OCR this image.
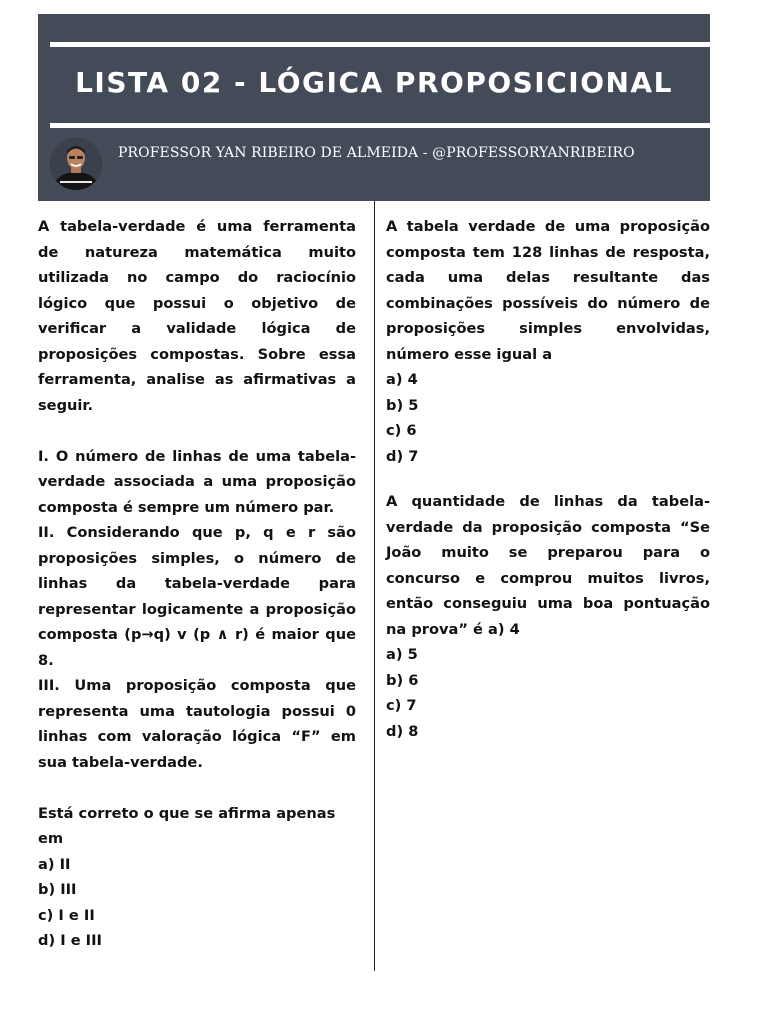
LISTA 02 - LÓGICA PROPOSICIONAL
PROFESSOR YAN RIBEIRO DE ALMEIDA - @PROFESSORYANRIBEIRO

A tabela-verdade é uma ferramenta de natureza matemática muito utilizada no campo do raciocínio lógico que possui o objetivo de verificar a validade lógica de proposições compostas. Sobre essa ferramenta, analise as afirmativas a seguir.

I. O número de linhas de uma tabela-verdade associada a uma proposição composta é sempre um número par.

II. Considerando que p, q e r são proposições simples, o número de linhas da tabela-verdade para representar logicamente a proposição composta (p→q) v (p ∧ r) é maior que 8.

III. Uma proposição composta que representa uma tautologia possui 0 linhas com valoração lógica “F” em sua tabela-verdade.

Está correto o que se afirma apenas em

a) II
b) III
c) I e II
d) I e III

A tabela verdade de uma proposição composta tem 128 linhas de resposta, cada uma delas resultante das combinações possíveis do número de proposições simples envolvidas, número esse igual a

a) 4
b) 5
c) 6
d) 7

A quantidade de linhas da tabela-verdade da proposição composta “Se João muito se preparou para o concurso e comprou muitos livros, então conseguiu uma boa pontuação na prova” é a) 4

a) 5
b) 6
c) 7
d) 8
